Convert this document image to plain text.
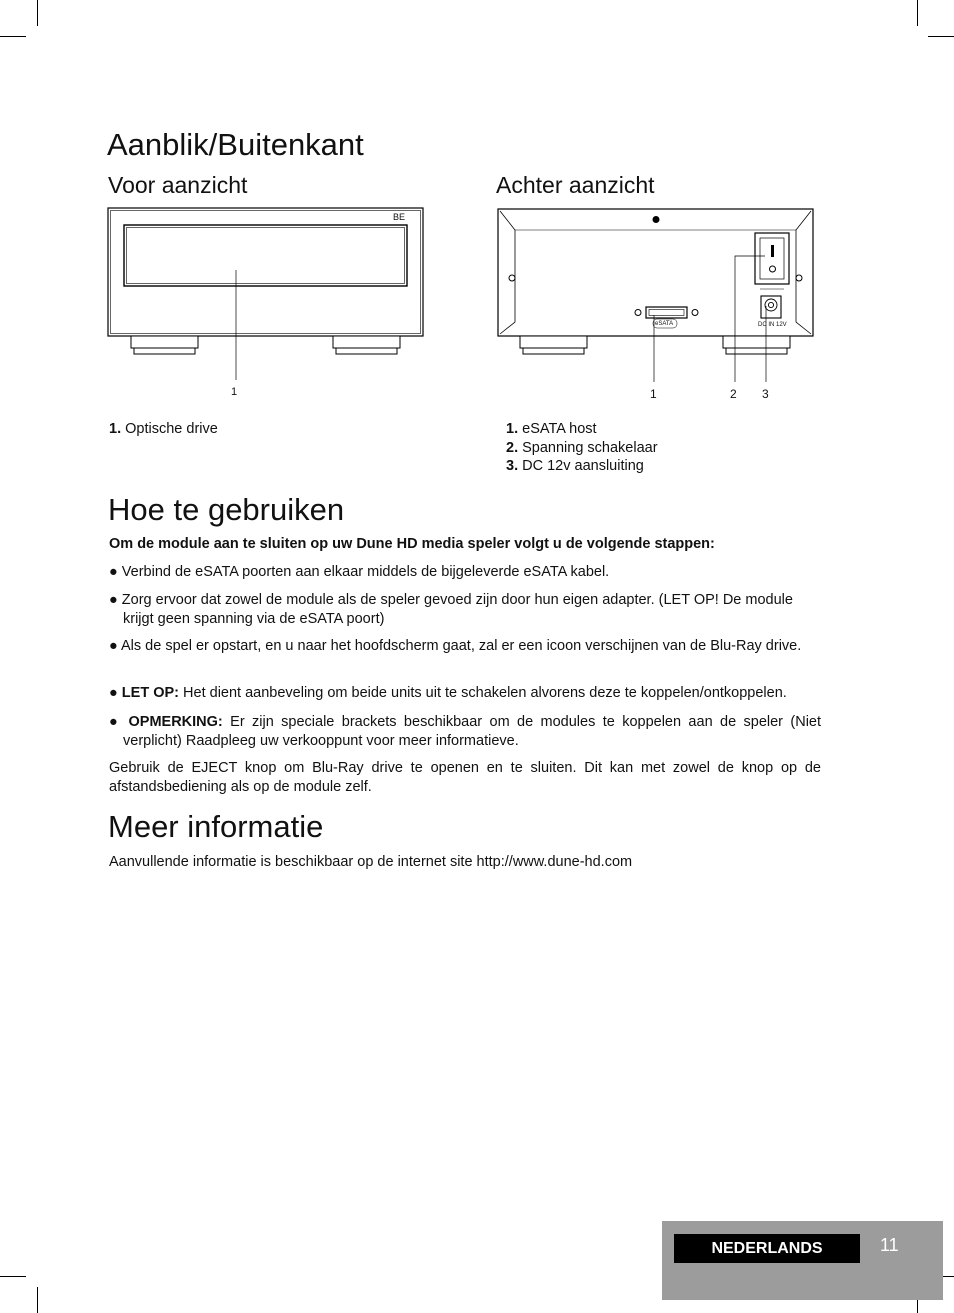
Aanblik/Buitenkant
Voor aanzicht	Achter aanzicht
BE
1
eSATA	DC IN 12V
1	2 3
1. Optische drive	1. eSATA host
2. Spanning schakelaar
3. DC 12v aansluiting
Hoe te gebruiken
Om de module aan te sluiten op uw Dune HD media speler volgt u de volgende stappen:
● Verbind de eSATA poorten aan elkaar middels de bijgeleverde eSATA kabel.
● Zorg ervoor dat zowel de module als de speler gevoed zijn door hun eigen adapter. (LET OP! De module krijgt geen spanning via de eSATA poort)
● Als de spel er opstart, en u naar het hoofdscherm gaat, zal er een icoon verschijnen van de Blu-Ray drive.
● LET OP: Het dient aanbeveling om beide units uit te schakelen alvorens deze te koppelen/ontkoppelen.
● OPMERKING: Er zijn speciale brackets beschikbaar om de modules te koppelen aan de speler (Niet verplicht) Raadpleeg uw verkooppunt voor meer informatieve.
Gebruik de EJECT knop om Blu-Ray drive te openen en te sluiten. Dit kan met zowel de knop op de afstandsbediening als op de module zelf.
Meer informatie
Aanvullende informatie is beschikbaar op de internet site http://www.dune-hd.com
NEDERLANDS	11
